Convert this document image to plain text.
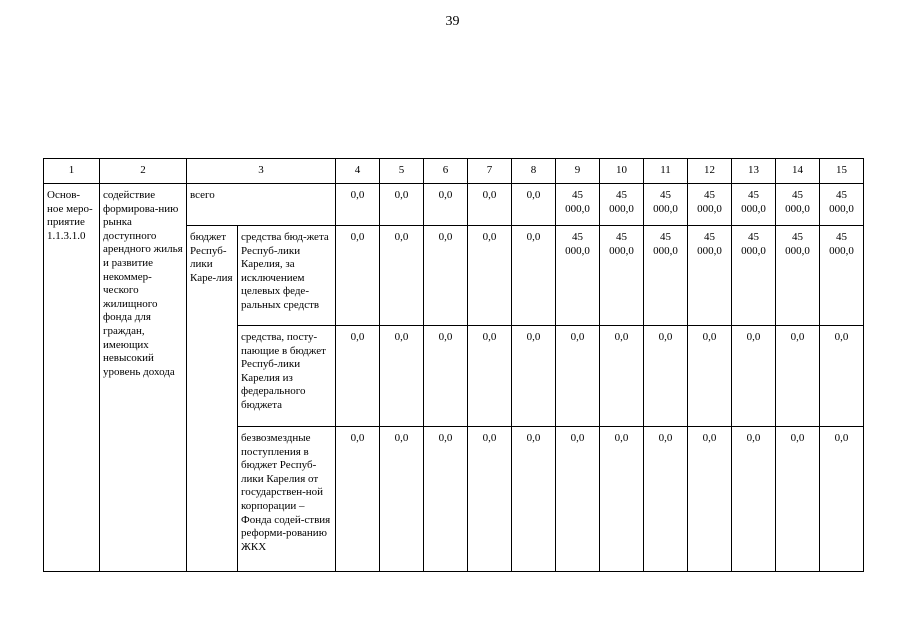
39
1	2	3		4	5	6	7	8	9	10	11	12	13	14	15
Основ-ное меро-приятие 1.1.3.1.0	содействие формирова-нию рынка доступного арендного жилья и развитие некоммер-ческого жилищного фонда для граждан, имеющих невысокий уровень дохода	всего		0,0	0,0	0,0	0,0	0,0	45 000,0	45 000,0	45 000,0	45 000,0	45 000,0	45 000,0	45 000,0
		бюджет Респуб-лики Каре-лия	средства бюд-жета Респуб-лики Карелия, за исключением целевых феде-ральных средств	0,0	0,0	0,0	0,0	0,0	45 000,0	45 000,0	45 000,0	45 000,0	45 000,0	45 000,0	45 000,0
			средства, посту-пающие в бюджет Респуб-лики Карелия из федерального бюджета	0,0	0,0	0,0	0,0	0,0	0,0	0,0	0,0	0,0	0,0	0,0	0,0
			безвозмездные поступления в бюджет Респуб-лики Карелия от государствен-ной корпорации – Фонда содей-ствия реформи-рованию ЖКХ	0,0	0,0	0,0	0,0	0,0	0,0	0,0	0,0	0,0	0,0	0,0	0,0
